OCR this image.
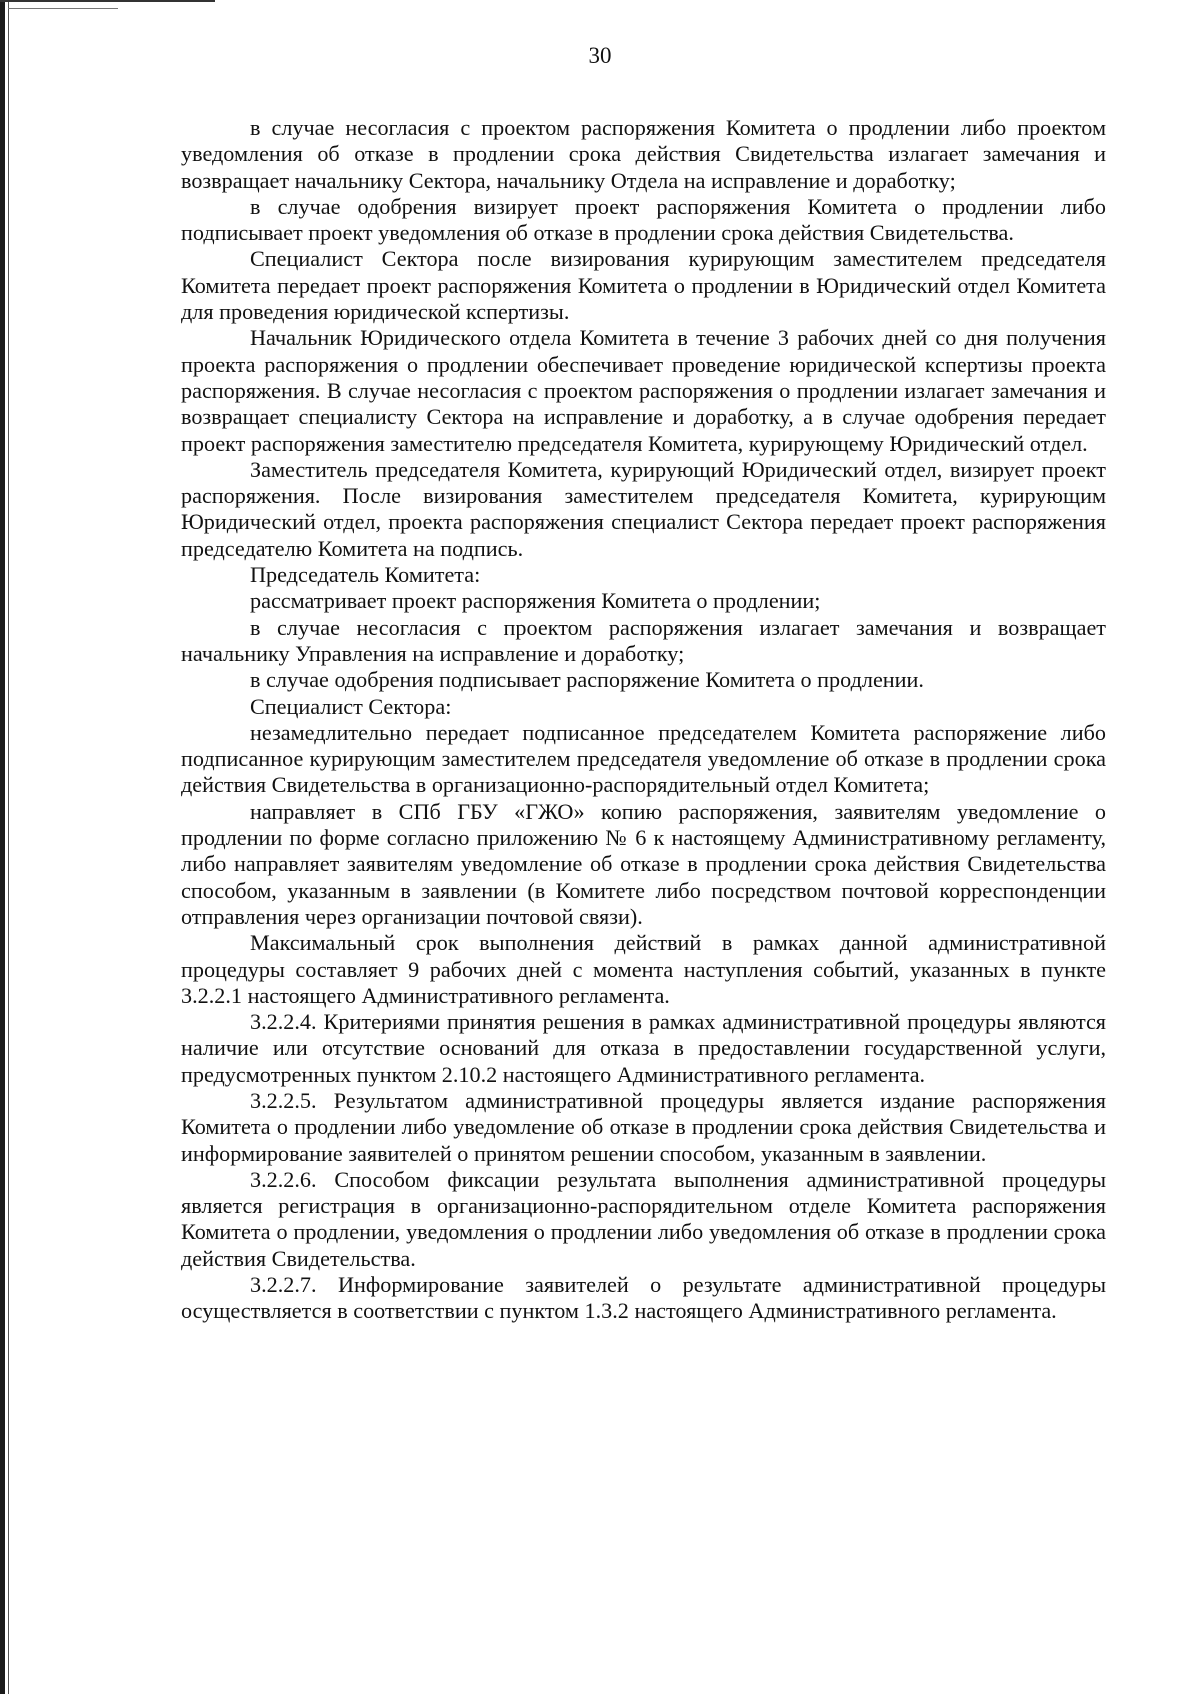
30

в случае несогласия с проектом распоряжения Комитета о продлении либо проектом уведомления об отказе в продлении срока действия Свидетельства излагает замечания и возвращает начальнику Сектора, начальнику Отдела на исправление и доработку;

в случае одобрения визирует проект распоряжения Комитета о продлении либо подписывает проект уведомления об отказе в продлении срока действия Свидетельства.

Специалист Сектора после визирования курирующим заместителем председателя Комитета передает проект распоряжения Комитета о продлении в Юридический отдел Комитета для проведения юридической кспертизы.

Начальник Юридического отдела Комитета в течение 3 рабочих дней со дня получения проекта распоряжения о продлении обеспечивает проведение юридической кспертизы проекта распоряжения. В случае несогласия с проектом распоряжения о продлении излагает замечания и возвращает специалисту Сектора на исправление и доработку, а в случае одобрения передает проект распоряжения заместителю председателя Комитета, курирующему Юридический отдел.

Заместитель председателя Комитета, курирующий Юридический отдел, визирует проект распоряжения. После визирования заместителем председателя Комитета, курирующим Юридический отдел, проекта распоряжения специалист Сектора передает проект распоряжения председателю Комитета на подпись.

Председатель Комитета:

рассматривает проект распоряжения Комитета о продлении;

в случае несогласия с проектом распоряжения излагает замечания и возвращает начальнику Управления на исправление и доработку;

в случае одобрения подписывает распоряжение Комитета о продлении.

Специалист Сектора:

незамедлительно передает подписанное председателем Комитета распоряжение либо подписанное курирующим заместителем председателя уведомление об отказе в продлении срока действия Свидетельства в организационно-распорядительный отдел Комитета;

направляет в СПб ГБУ «ГЖО» копию распоряжения, заявителям уведомление о продлении по форме согласно приложению № 6 к настоящему Административному регламенту, либо направляет заявителям уведомление об отказе в продлении срока действия Свидетельства способом, указанным в заявлении (в Комитете либо посредством почтовой корреспонденции отправления через организации почтовой связи).

Максимальный срок выполнения действий в рамках данной административной процедуры составляет 9 рабочих дней с момента наступления событий, указанных в пункте 3.2.2.1 настоящего Административного регламента.

3.2.2.4. Критериями принятия решения в рамках административной процедуры являются наличие или отсутствие оснований для отказа в предоставлении государственной услуги, предусмотренных пунктом 2.10.2 настоящего Административного регламента.

3.2.2.5. Результатом административной процедуры является издание распоряжения Комитета о продлении либо уведомление об отказе в продлении срока действия Свидетельства и информирование заявителей о принятом решении способом, указанным в заявлении.

3.2.2.6. Способом фиксации результата выполнения административной процедуры является регистрация в организационно-распорядительном отделе Комитета распоряжения Комитета о продлении, уведомления о продлении либо уведомления об отказе в продлении срока действия Свидетельства.

3.2.2.7. Информирование заявителей о результате административной процедуры осуществляется в соответствии с пунктом 1.3.2 настоящего Административного регламента.
